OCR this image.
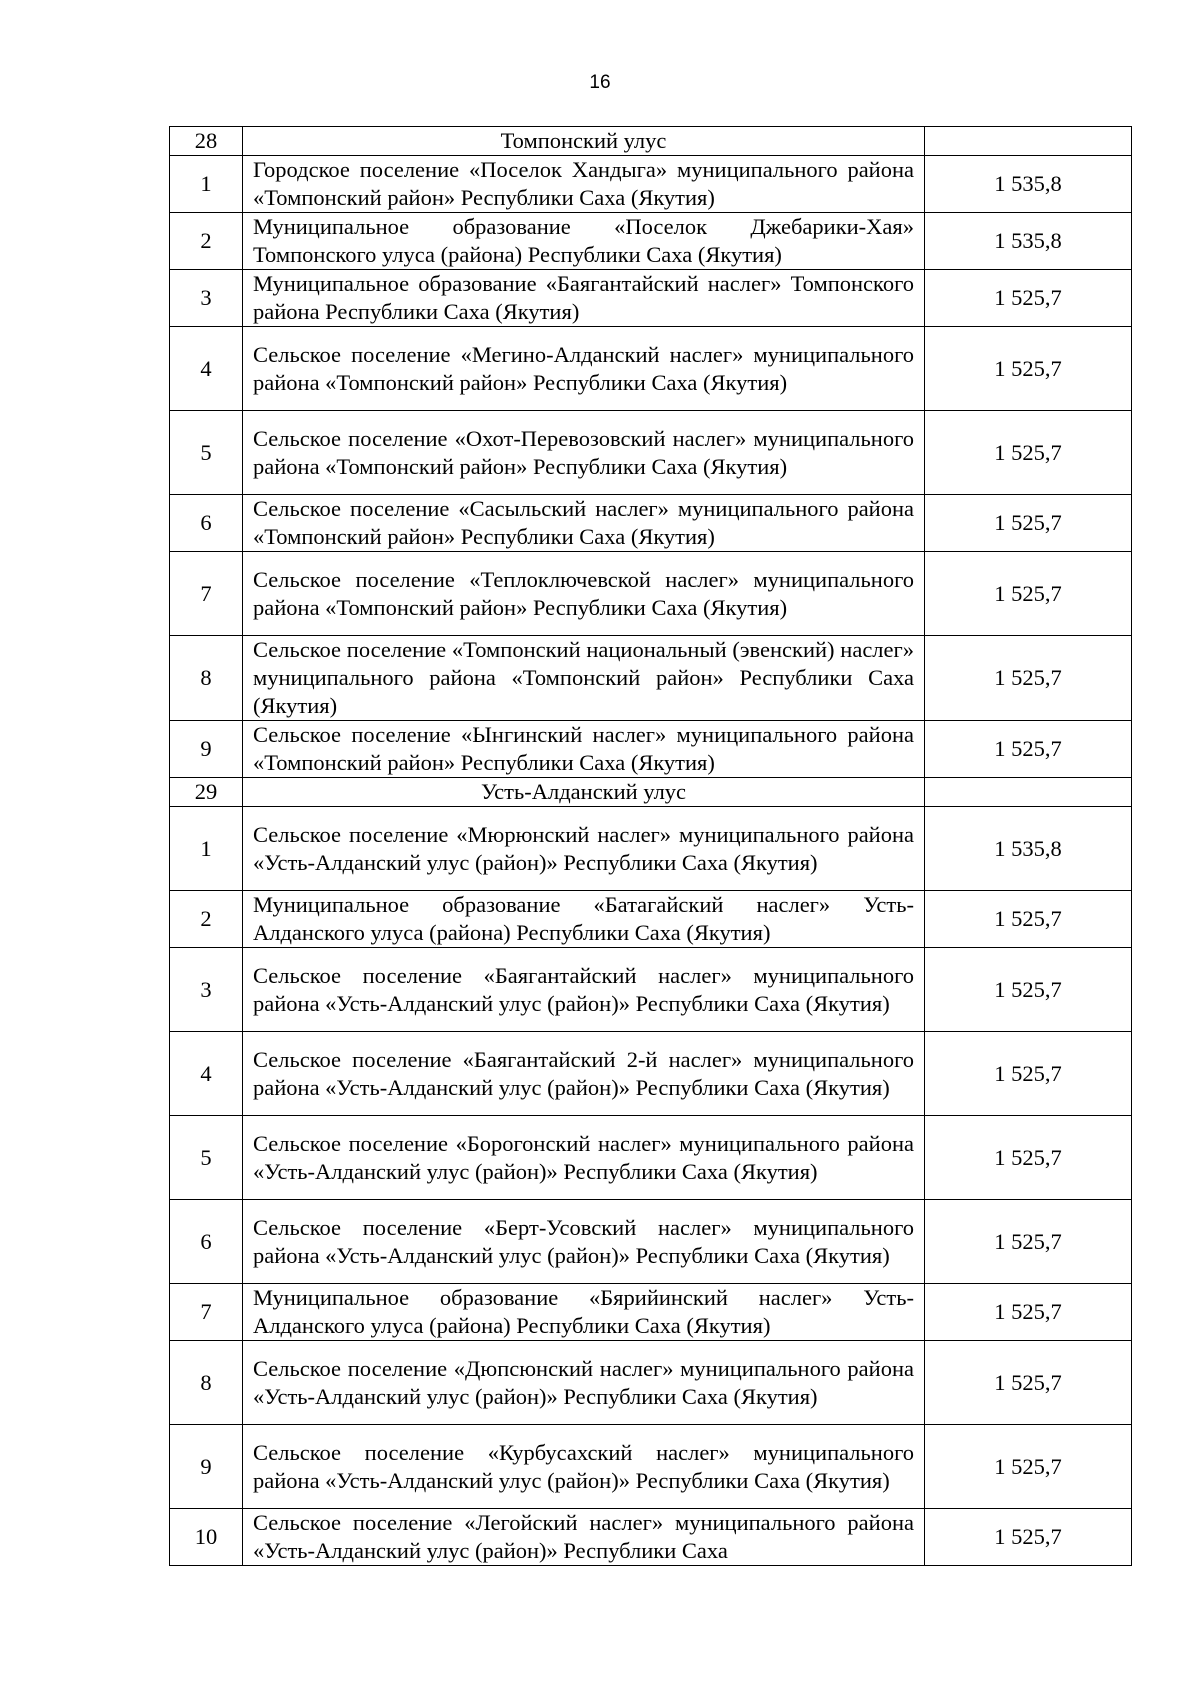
16
28	Томпонский улус	
1	Городское поселение «Поселок Хандыга» муниципального района «Томпонский район» Республики Саха (Якутия)	1 535,8
2	Муниципальное образование «Поселок Джебарики-Хая» Томпонского улуса (района) Республики Саха (Якутия)	1 535,8
3	Муниципальное образование «Баягантайский наслег» Томпонского района Республики Саха (Якутия)	1 525,7
4	Сельское поселение «Мегино-Алданский наслег» муниципального района «Томпонский район» Республики Саха (Якутия)	1 525,7
5	Сельское поселение «Охот-Перевозовский наслег» муниципального района «Томпонский район» Республики Саха (Якутия)	1 525,7
6	Сельское поселение «Сасыльский наслег» муниципального района «Томпонский район» Республики Саха (Якутия)	1 525,7
7	Сельское поселение «Теплоключевской наслег» муниципального района «Томпонский район» Республики Саха (Якутия)	1 525,7
8	Сельское поселение «Томпонский национальный (эвенский) наслег» муниципального района «Томпонский район» Республики Саха (Якутия)	1 525,7
9	Сельское поселение «Ынгинский наслег» муниципального района «Томпонский район» Республики Саха (Якутия)	1 525,7
29	Усть-Алданский улус	
1	Сельское поселение «Мюрюнский наслег» муниципального района «Усть-Алданский улус (район)» Республики Саха (Якутия)	1 535,8
2	Муниципальное образование «Батагайский наслег» Усть-Алданского улуса (района) Республики Саха (Якутия)	1 525,7
3	Сельское поселение «Баягантайский наслег» муниципального района «Усть-Алданский улус (район)» Республики Саха (Якутия)	1 525,7
4	Сельское поселение «Баягантайский 2-й наслег» муниципального района «Усть-Алданский улус (район)» Республики Саха (Якутия)	1 525,7
5	Сельское поселение «Борогонский наслег» муниципального района «Усть-Алданский улус (район)» Республики Саха (Якутия)	1 525,7
6	Сельское поселение «Берт-Усовский наслег» муниципального района «Усть-Алданский улус (район)» Республики Саха (Якутия)	1 525,7
7	Муниципальное образование «Бярийинский наслег» Усть-Алданского улуса (района) Республики Саха (Якутия)	1 525,7
8	Сельское поселение «Дюпсюнский наслег» муниципального района «Усть-Алданский улус (район)» Республики Саха (Якутия)	1 525,7
9	Сельское поселение «Курбусахский наслег» муниципального района «Усть-Алданский улус (район)» Республики Саха (Якутия)	1 525,7
10	Сельское поселение «Легойский наслег» муниципального района «Усть-Алданский улус (район)» Республики Саха	1 525,7
